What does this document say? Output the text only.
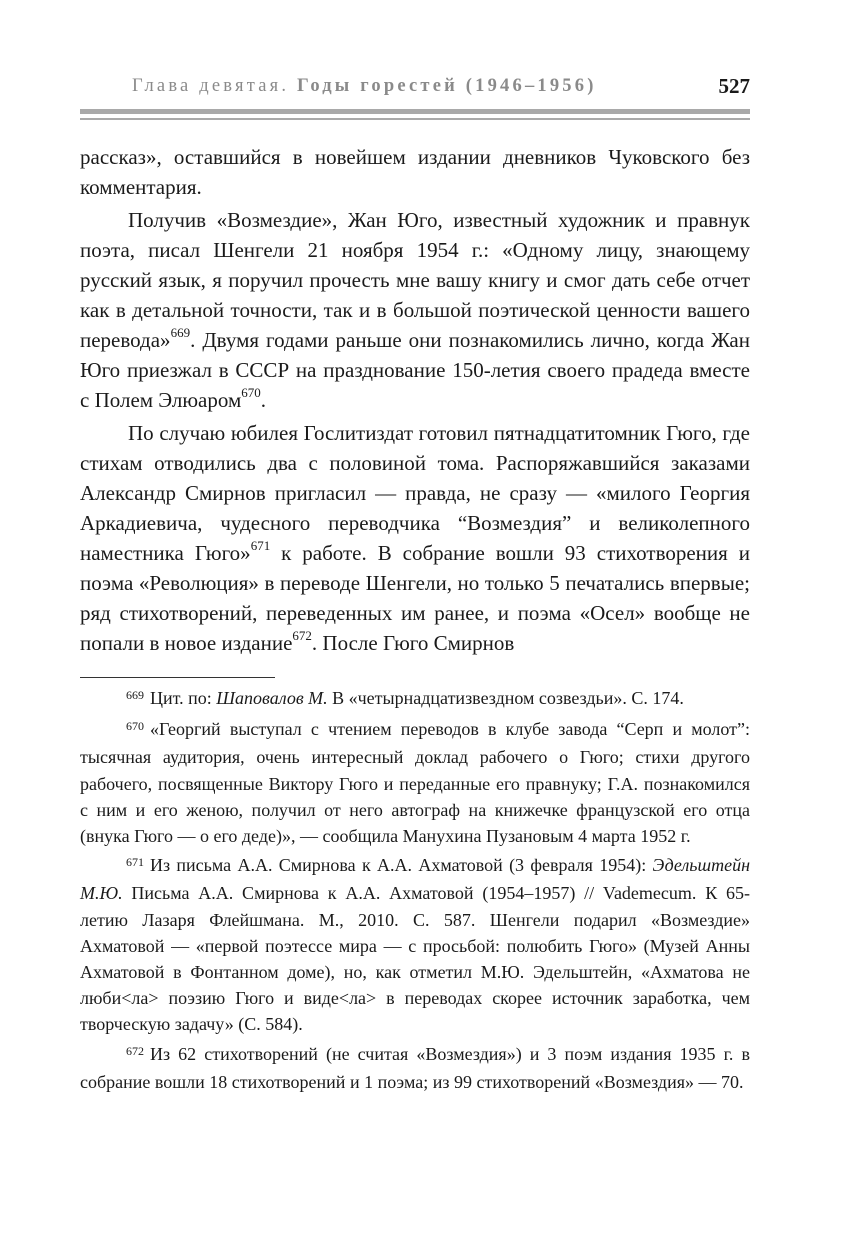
Глава девятая. Годы горестей (1946–1956)	527

рассказ», оставшийся в новейшем издании дневников Чуковского без комментария.

Получив «Возмездие», Жан Юго, известный художник и правнук поэта, писал Шенгели 21 ноября 1954 г.: «Одному лицу, знающему русский язык, я поручил прочесть мне вашу книгу и смог дать себе отчет как в детальной точности, так и в большой поэтической ценности вашего перевода»$^{669}$. Двумя годами раньше они познакомились лично, когда Жан Юго приезжал в СССР на празднование 150-летия своего прадеда вместе с Полем Элюаром$^{670}$.

По случаю юбилея Гослитиздат готовил пятнадцатитомник Гюго, где стихам отводились два с половиной тома. Распоряжавшийся заказами Александр Смирнов пригласил — правда, не сразу — «милого Георгия Аркадиевича, чудесного переводчика “Возмездия” и великолепного наместника Гюго»$^{671}$ к работе. В собрание вошли 93 стихотворения и поэма «Революция» в переводе Шенгели, но только 5 печатались впервые; ряд стихотворений, переведенных им ранее, и поэма «Осел» вообще не попали в новое издание$^{672}$. После Гюго Смирнов

$^{669}$ Цит. по: Шаповалов М. В «четырнадцатизвездном созвездьи». С. 174.

$^{670}$ «Георгий выступал с чтением переводов в клубе завода “Серп и молот”: тысячная аудитория, очень интересный доклад рабочего о Гюго; стихи другого рабочего, посвященные Виктору Гюго и переданные его правнуку; Г.А. познакомился с ним и его женою, получил от него автограф на книжечке французской его отца (внука Гюго — о его деде)», — сообщила Манухина Пузановым 4 марта 1952 г.

$^{671}$ Из письма А.А. Смирнова к А.А. Ахматовой (3 февраля 1954): Эдельштейн М.Ю. Письма А.А. Смирнова к А.А. Ахматовой (1954–1957) // Vademecum. К 65-летию Лазаря Флейшмана. М., 2010. С. 587. Шенгели подарил «Возмездие» Ахматовой — «первой поэтессе мира — с просьбой: полюбить Гюго» (Музей Анны Ахматовой в Фонтанном доме), но, как отметил М.Ю. Эдельштейн, «Ахматова не люби<ла> поэзию Гюго и виде<ла> в переводах скорее источник заработка, чем творческую задачу» (С. 584).

$^{672}$ Из 62 стихотворений (не считая «Возмездия») и 3 поэм издания 1935 г. в собрание вошли 18 стихотворений и 1 поэма; из 99 стихотворений «Возмездия» — 70.
